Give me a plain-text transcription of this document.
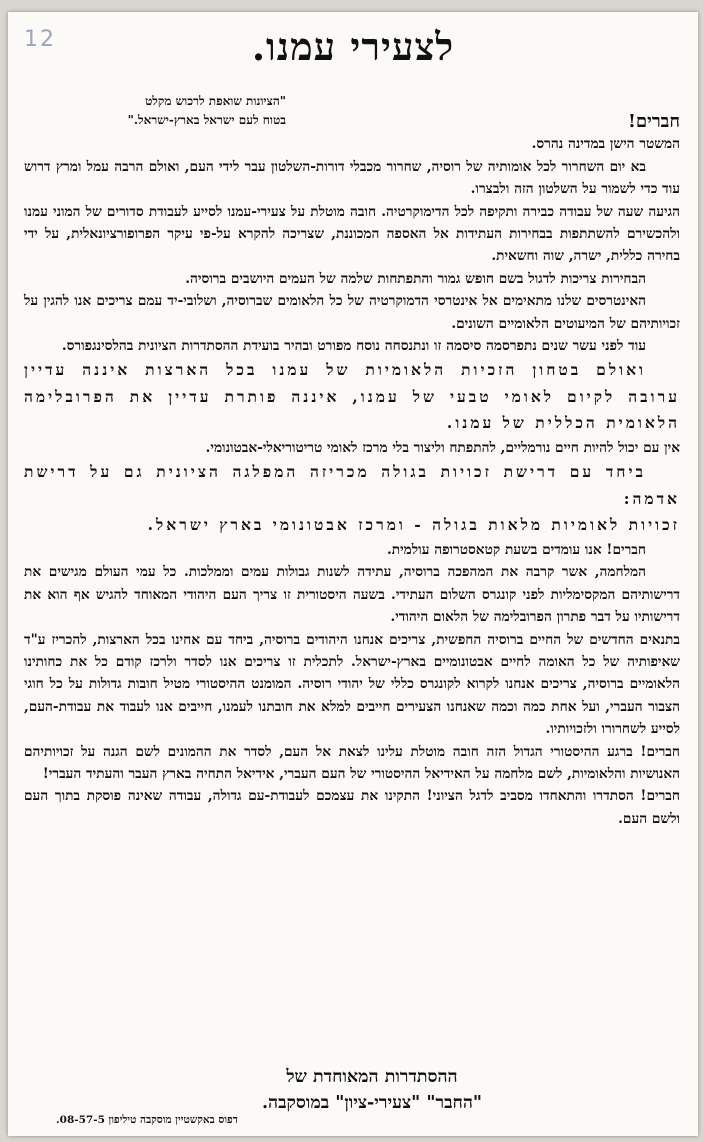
12	לצעירי עמנו.
"הציונות שואפת לרכוש מקלט
בטוח לעם ישראל בארץ-ישראל."	חברים!

המשטר הישן במדינה נהרס.

בא יום השחרור לכל אומותיה של רוסיה, שחרור מכבלי דורות-השלטון עבר לידי העם, ואולם הרבה עמל ומרץ דרוש עוד כדי לשמור על השלטון הזה ולבצרו.

הגיעה שעה של עבודה כבירה ותקיפה לכל הדימוקרטיה. חובה מוטלת על צעירי-עמנו לסייע לעבודת סדורים של המוני עמנו ולהכשירם להשתתפות בבחירות העתידות אל האספה המכוננת, שצריכה להקרא על-פי עיקר הפרופורציונאלית, על ידי בחירה כללית, ישרה, שוה וחשאית.

הבחירות צריכות לדגול בשם חופש גמור והתפתחות שלמה של העמים היושבים ברוסיה.

האינטרסים שלנו מתאימים אל אינטרסי הדמוקרטיה של כל הלאומים שברוסיה, ושלובי-יד עמם צריכים אנו להגין על זכויותיהם של המיעוטים הלאומיים השונים.

עוד לפני עשר שנים נתפרסמה סיסמה זו ונתנסחה נוסח מפורט ובהיר בועידת ההסתדרות הציונית בהלסינגפורס.

ואולם בטחון הזכיות הלאומיות של עמנו בכל הארצות איננה עדיין ערובה לקיום לאומי טבעי של עמנו, איננה פותרת עדיין את הפרובלימה הלאומית הכללית של עמנו.

אין עם יכול להיות חיים נורמליים, להתפתח וליצור בלי מרכז לאומי טריטוריאלי-אבטונומי.

ביחד עם דרישת זכויות בגולה מכריזה המפלגה הציונית גם על דרישת אדמה:

זכויות לאומיות מלאות בגולה - ומרכז אבטונומי בארץ ישראל.

חברים! אנו עומדים בשעת קטאסטרופה עולמית.

המלחמה, אשר קרבה את המהפכה ברוסיה, עתידה לשנות גבולות עמים וממלכות. כל עמי העולם מגישים את דרישותיהם המקסימליות לפני קונגרס השלום העתידי. בשעה היסטורית זו צריך העם היהודי המאוחד להגיש אף הוא את דרישותיו על דבר פתרון הפרובלימה של הלאום היהודי.

בתנאים החדשים של החיים ברוסיה החפשית, צריכים אנחנו היהודים ברוסיה, ביחד עם אחינו בכל הארצות, להכריז ע"ד שאיפותיה של כל האומה לחיים אבטונומיים בארץ-ישראל. לתכלית זו צריכים אנו לסדר ולרכז קודם כל את כחותינו הלאומיים ברוסיה, צריכים אנחנו לקרוא לקונגרס כללי של יהודי רוסיה. המומנט ההיסטורי מטיל חובות גדולות על כל חוגי הצבור העברי, ועל אחת כמה וכמה שאנחנו הצעירים חייבים למלא את חובתנו לעמנו, חייבים אנו לעבוד את עבודת-העם, לסייע לשחרורו ולזכויותיו.

חברים! ברגע ההיסטורי הגדול הזה חובה מוטלת עלינו לצאת אל העם, לסדר את ההמונים לשם הגנה על זכויותיהם האנושיות והלאומיות, לשם מלחמה על האידיאל ההיסטורי של העם העברי, אידיאל התחיה בארץ העבר והעתיד העברי!

חברים! הסתדרו והתאחדו מסביב לדגל הציוני! התקינו את עצמכם לעבודת-עם גדולה, עבודה שאינה פוסקת בתוך העם ולשם העם.

ההסתדרות המאוחדת של
"החבר" "צעירי-ציון" במוסקבה.
דפוס באקשטיין מוסקבה טיליפון 08-57-5.
